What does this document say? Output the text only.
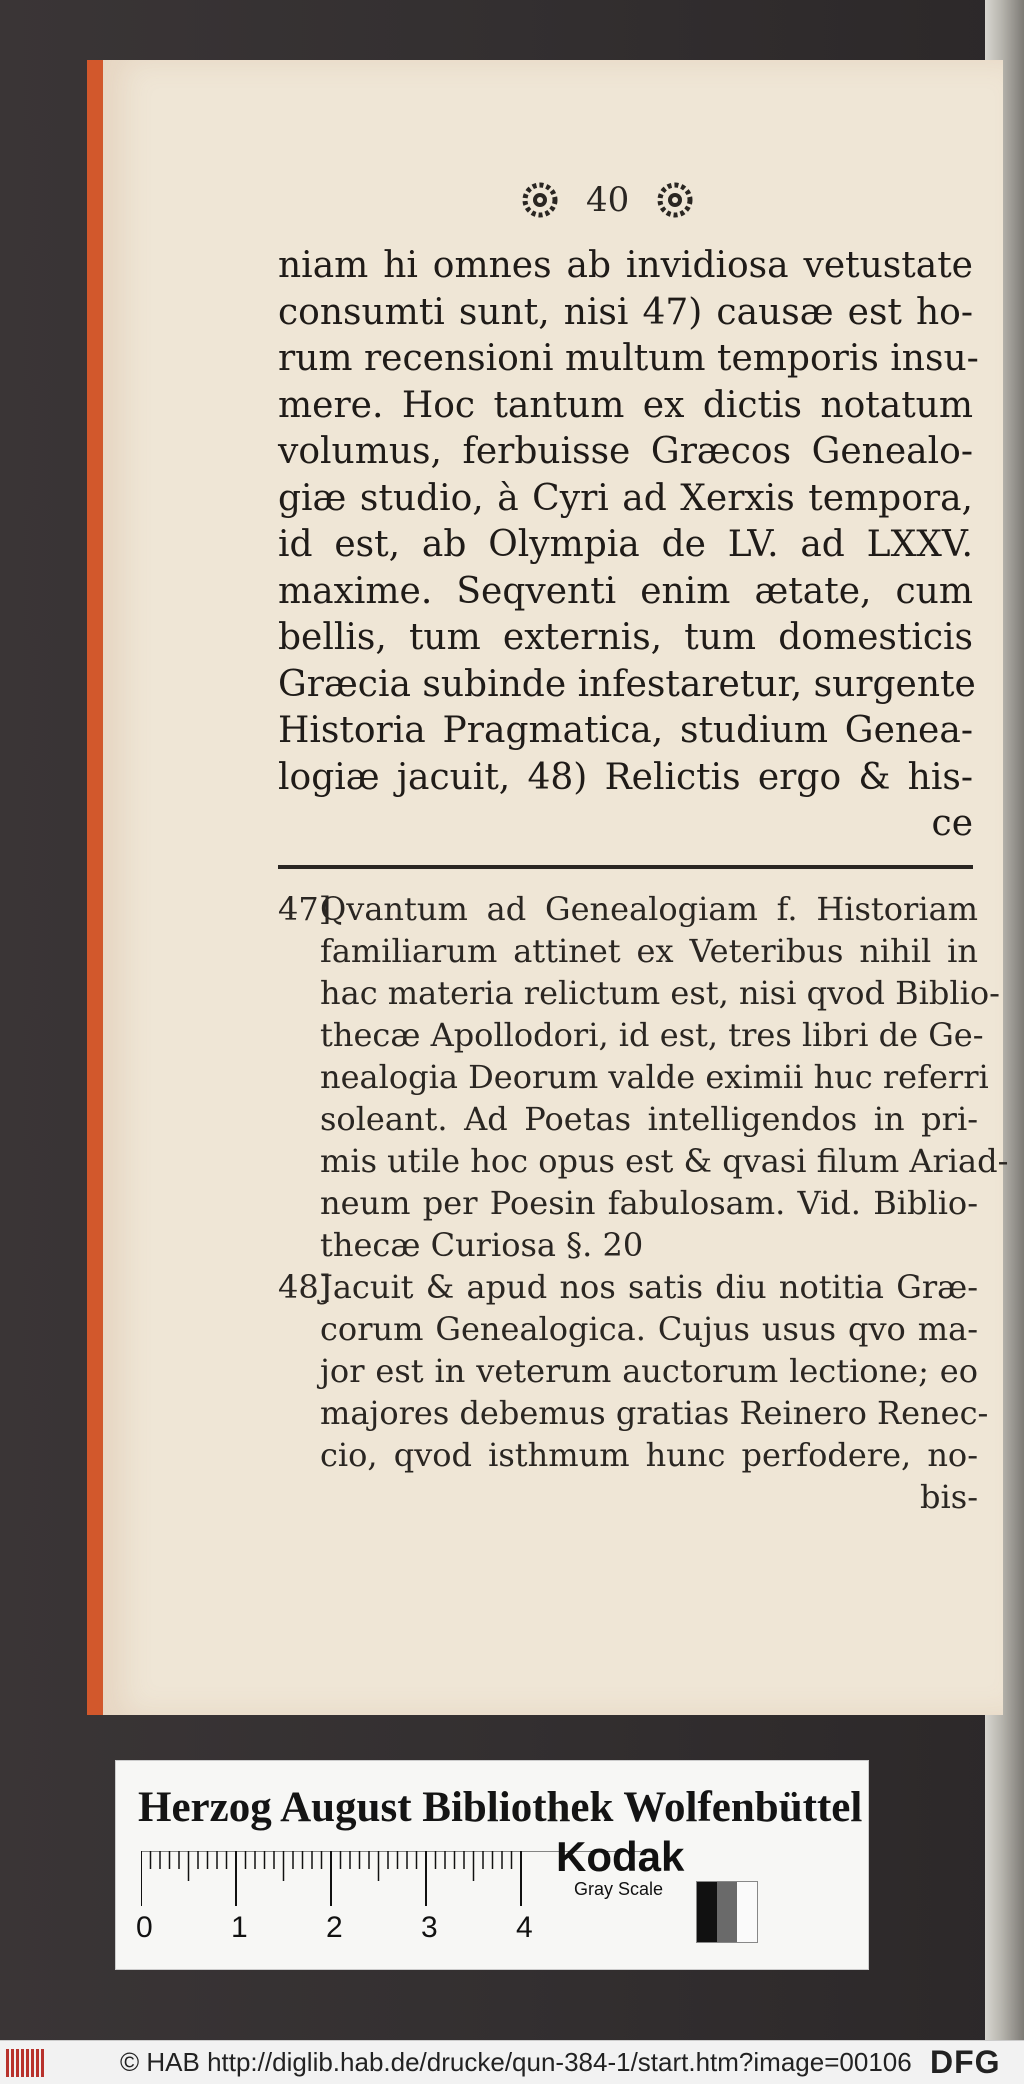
40
niam hi omnes ab invidiosa vetustate
consumti sunt, nisi 47) causæ est ho-
rum recensioni multum temporis insu-
mere. Hoc tantum ex dictis notatum
volumus, ferbuisse Græcos Genealo-
giæ studio, à Cyri ad Xerxis tempora,
id est, ab Olympia de LV. ad LXXV.
maxime. Seqventi enim ætate, cum
bellis, tum externis, tum domesticis
Græcia subinde infestaretur, surgente
Historia Pragmatica, studium Genea-
logiæ jacuit, 48) Relictis ergo & his-
ce
47]Qvantum ad Genealogiam f. Historiam
familiarum attinet ex Veteribus nihil in
hac materia relictum est, nisi qvod Biblio-
thecæ Apollodori, id est, tres libri de Ge-
nealogia Deorum valde eximii huc referri
soleant. Ad Poetas intelligendos in pri-
mis utile hoc opus est & qvasi filum Ariad-
neum per Poesin fabulosam. Vid. Biblio-
thecæ Curiosa §. 20
48]Jacuit & apud nos satis diu notitia Græ-
corum Genealogica. Cujus usus qvo ma-
jor est in veterum auctorum lectione; eo
majores debemus gratias Reinero Renec-
cio, qvod isthmum hunc perfodere, no-
bis-
Herzog August Bibliothek Wolfenbüttel
0	1	2	3	4
Kodak
Gray Scale
© HAB http://diglib.hab.de/drucke/qun-384-1/start.htm?image=00106 DFG
